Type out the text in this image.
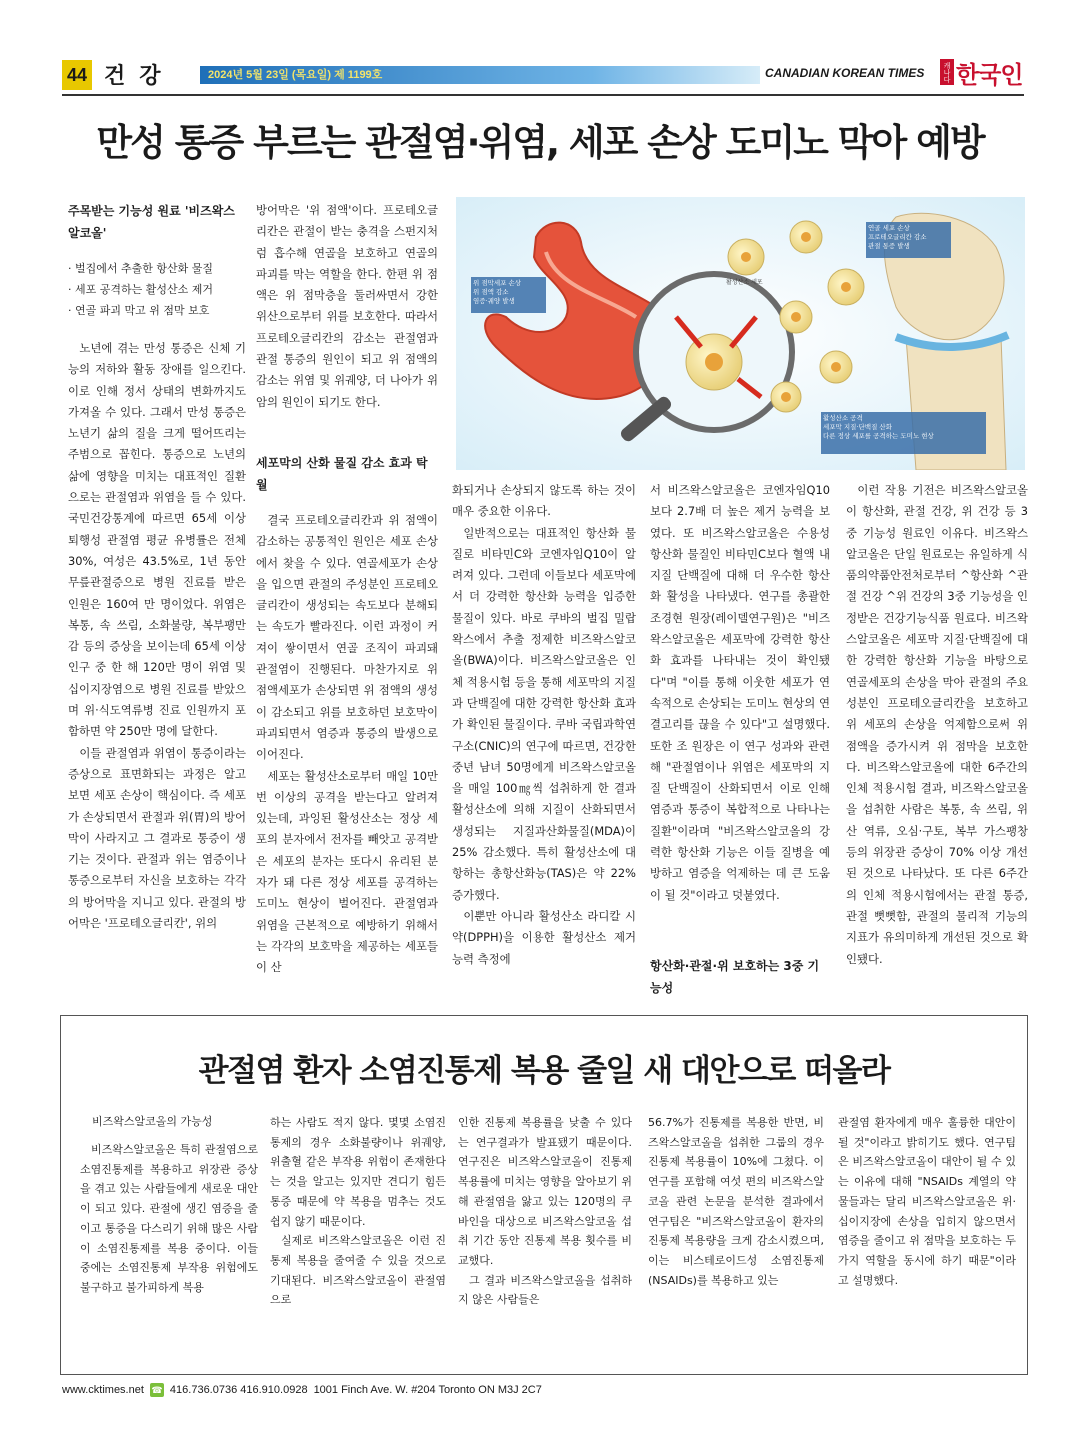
44 건강	2024년 5월 23일 (목요일) 제 1199호	CANADIAN KOREAN TIMES	캐나다 한국인
만성 통증 부르는 관절염·위염, 세포 손상 도미노 막아 예방
주목받는 기능성 원료 '비즈왁스알코올'
· 벌집에서 추출한 항산화 물질
· 세포 공격하는 활성산소 제거
· 연골 파괴 막고 위 점막 보호

노년에 겪는 만성 통증은 신체 기능의 저하와 활동 장애를 일으킨다. 이로 인해 정서 상태의 변화까지도 가져올 수 있다. 그래서 만성 통증은 노년기 삶의 질을 크게 떨어뜨리는 주범으로 꼽힌다. 통증으로 노년의 삶에 영향을 미치는 대표적인 질환으로는 관절염과 위염을 들 수 있다. 국민건강통계에 따르면 65세 이상 퇴행성 관절염 평균 유병률은 전체 30%, 여성은 43.5%로, 1년 동안 무릎관절증으로 병원 진료를 받은 인원은 160여 만 명이었다. 위염은 복통, 속 쓰림, 소화불량, 복부팽만감 등의 증상을 보이는데 65세 이상 인구 중 한 해 120만 명이 위염 및 십이지장염으로 병원 진료를 받았으며 위·식도역류병 진료 인원까지 포함하면 약 250만 명에 달한다.

이들 관절염과 위염이 통증이라는 증상으로 표면화되는 과정은 알고 보면 세포 손상이 핵심이다. 즉 세포가 손상되면서 관절과 위(胃)의 방어막이 사라지고 그 결과로 통증이 생기는 것이다. 관절과 위는 염증이나 통증으로부터 자신을 보호하는 각각의 방어막을 지니고 있다. 관절의 방어막은 '프로테오글리칸', 위의

방어막은 '위 점액'이다. 프로테오글리칸은 관절이 받는 충격을 스펀지처럼 흡수해 연골을 보호하고 연골의 파괴를 막는 역할을 한다. 한편 위 점액은 위 점막층을 둘러싸면서 강한 위산으로부터 위를 보호한다. 따라서 프로테오글리칸의 감소는 관절염과 관절 통증의 원인이 되고 위 점액의 감소는 위염 및 위궤양, 더 나아가 위암의 원인이 되기도 한다.

세포막의 산화 물질 감소 효과 탁월

결국 프로테오글리칸과 위 점액이 감소하는 공통적인 원인은 세포 손상에서 찾을 수 있다. 연골세포가 손상을 입으면 관절의 주성분인 프로테오글리칸이 생성되는 속도보다 분해되는 속도가 빨라진다. 이런 과정이 커져이 쌓이면서 연골 조직이 파괴돼 관절염이 진행된다. 마찬가지로 위 점액세포가 손상되면 위 점액의 생성이 감소되고 위를 보호하던 보호막이 파괴되면서 염증과 통증의 발생으로 이어진다.

세포는 활성산소로부터 매일 10만 번 이상의 공격을 받는다고 알려져 있는데, 과잉된 활성산소는 정상 세포의 분자에서 전자를 빼앗고 공격받은 세포의 분자는 또다시 유리된 분자가 돼 다른 정상 세포를 공격하는 도미노 현상이 벌어진다. 관절염과 위염을 근본적으로 예방하기 위해서는 각각의 보호막을 제공하는 세포들이 산

연골 세포 손상
프로테오글리칸 감소
관절 통증 발생
위 점막세포 손상
위 점액 감소
염증·궤양 발생
활성산소 공격
세포막 지질·단백질 산화
다른 정상 세포를 공격하는 도미노 현상
활성산소 세포

화되거나 손상되지 않도록 하는 것이 매우 중요한 이유다.

일반적으로는 대표적인 항산화 물질로 비타민C와 코엔자임Q10이 알려져 있다. 그런데 이들보다 세포막에서 더 강력한 항산화 능력을 입증한 물질이 있다. 바로 쿠바의 벌집 밀랍 왁스에서 추출 정제한 비즈왁스알코올(BWA)이다. 비즈왁스알코올은 인체 적용시험 등을 통해 세포막의 지질과 단백질에 대한 강력한 항산화 효과가 확인된 물질이다. 쿠바 국립과학연구소(CNIC)의 연구에 따르면, 건강한 중년 남녀 50명에게 비즈왁스알코올을 매일 100㎎씩 섭취하게 한 결과 활성산소에 의해 지질이 산화되면서 생성되는 지질과산화물질(MDA)이 25% 감소했다. 특히 활성산소에 대항하는 총항산화능(TAS)은 약 22% 증가했다.

이뿐만 아니라 활성산소 라디칼 시약(DPPH)을 이용한 활성산소 제거 능력 측정에

서 비즈왁스알코올은 코엔자임Q10보다 2.7배 더 높은 제거 능력을 보였다. 또 비즈왁스알코올은 수용성 항산화 물질인 비타민C보다 혈액 내 지질 단백질에 대해 더 우수한 항산화 활성을 나타냈다. 연구를 총괄한 조경현 원장(레이델연구원)은 "비즈왁스알코올은 세포막에 강력한 항산화 효과를 나타내는 것이 확인됐다"며 "이를 통해 이웃한 세포가 연속적으로 손상되는 도미노 현상의 연결고리를 끊을 수 있다"고 설명했다. 또한 조 원장은 이 연구 성과와 관련해 "관절염이나 위염은 세포막의 지질 단백질이 산화되면서 이로 인해 염증과 통증이 복합적으로 나타나는 질환"이라며 "비즈왁스알코올의 강력한 항산화 기능은 이들 질병을 예방하고 염증을 억제하는 데 큰 도움이 될 것"이라고 덧붙였다.

항산화·관절·위 보호하는 3중 기능성

이런 작용 기전은 비즈왁스알코올이 항산화, 관절 건강, 위 건강 등 3중 기능성 원료인 이유다. 비즈왁스알코올은 단일 원료로는 유일하게 식품의약품안전처로부터 ^항산화 ^관절 건강 ^위 건강의 3중 기능성을 인정받은 건강기능식품 원료다. 비즈왁스알코올은 세포막 지질·단백질에 대한 강력한 항산화 기능을 바탕으로 연골세포의 손상을 막아 관절의 주요 성분인 프로테오글리칸을 보호하고 위 세포의 손상을 억제함으로써 위 점액을 증가시켜 위 점막을 보호한다. 비즈왁스알코올에 대한 6주간의 인체 적용시험 결과, 비즈왁스알코올을 섭취한 사람은 복통, 속 쓰림, 위산 역류, 오심·구토, 복부 가스팽창 등의 위장관 증상이 70% 이상 개선된 것으로 나타났다. 또 다른 6주간의 인체 적용시험에서는 관절 통증, 관절 뻣뻣함, 관절의 물리적 기능의 지표가 유의미하게 개선된 것으로 확인됐다.

관절염 환자 소염진통제 복용 줄일 새 대안으로 떠올라
비즈왁스알코올의 가능성

비즈왁스알코올은 특히 관절염으로 소염진통제를 복용하고 위장관 증상을 겪고 있는 사람들에게 새로운 대안이 되고 있다. 관절에 생긴 염증을 줄이고 통증을 다스리기 위해 많은 사람이 소염진통제를 복용 중이다. 이들 중에는 소염진통제 부작용 위험에도 불구하고 불가피하게 복용

하는 사람도 적지 않다. 몇몇 소염진통제의 경우 소화불량이나 위궤양, 위출혈 같은 부작용 위험이 존재한다는 것을 알고는 있지만 견디기 힘든 통증 때문에 약 복용을 멈추는 것도 쉽지 않기 때문이다.

실제로 비즈왁스알코올은 이런 진통제 복용을 줄여줄 수 있을 것으로 기대된다. 비즈왁스알코올이 관절염으로

인한 진통제 복용률을 낮출 수 있다는 연구결과가 발표됐기 때문이다. 연구진은 비즈왁스알코올이 진통제 복용률에 미치는 영향을 알아보기 위해 관절염을 앓고 있는 120명의 쿠바인을 대상으로 비즈왁스알코올 섭취 기간 동안 진통제 복용 횟수를 비교했다.

그 결과 비즈왁스알코올을 섭취하지 않은 사람들은

56.7%가 진통제를 복용한 반면, 비즈왁스알코올을 섭취한 그룹의 경우 진통제 복용률이 10%에 그쳤다. 이 연구를 포함해 여섯 편의 비즈왁스알코올 관련 논문을 분석한 결과에서 연구팀은 "비즈왁스알코올이 환자의 진통제 복용량을 크게 감소시켰으며, 이는 비스테로이드성 소염진통제(NSAIDs)를 복용하고 있는

관절염 환자에게 매우 훌륭한 대안이 될 것"이라고 밝히기도 했다. 연구팀은 비즈왁스알코올이 대안이 될 수 있는 이유에 대해 "NSAIDs 계열의 약물들과는 달리 비즈왁스알코올은 위·십이지장에 손상을 입히지 않으면서 염증을 줄이고 위 점막을 보호하는 두 가지 역할을 동시에 하기 때문"이라고 설명했다.

www.cktimes.net ☎ 416.736.0736 416.910.0928 1001 Finch Ave. W. #204 Toronto ON M3J 2C7
